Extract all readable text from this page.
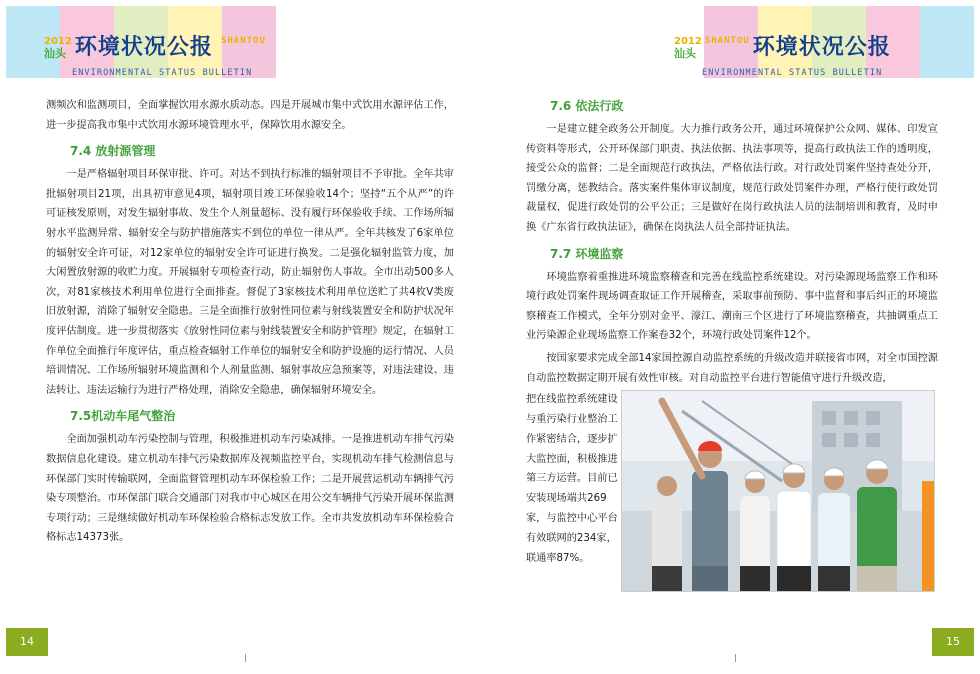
2012
汕头 环境状况公报 SHANTOU
ENVIRONMENTAL STATUS BULLETIN

测频次和监测项目，全面掌握饮用水源水质动态。四是开展城市集中式饮用水源评估工作，进一步提高我市集中式饮用水源环境管理水平，保障饮用水源安全。

7.4 放射源管理

一是严格辐射项目环保审批、许可。对达不到执行标准的辐射项目不予审批。全年共审批辐射项目21项，出具初审意见4项，辐射项目竣工环保验收14个；坚持“五个从严”的许可证核发原则，对发生辐射事故、发生个人剂量超标、没有履行环保验收手续、工作场所辐射水平监测异常、辐射安全与防护措施落实不到位的单位一律从严。全年共核发了6家单位的辐射安全许可证，对12家单位的辐射安全许可证进行换发。二是强化辐射监管力度，加大闲置放射源的收贮力度。开展辐射专项检查行动，防止辐射伤人事故。全市出动500多人次，对81家核技术利用单位进行全面排查。督促了3家核技术利用单位送贮了共4枚Ⅴ类废旧放射源，消除了辐射安全隐患。三是全面推行放射性同位素与射线装置安全和防护状况年度评估制度。进一步贯彻落实《放射性同位素与射线装置安全和防护管理》规定，在辐射工作单位全面推行年度评估，重点检查辐射工作单位的辐射安全和防护设施的运行情况、人员培训情况、工作场所辐射环境监测和个人剂量监测、辐射事故应急预案等，对违法建设、违法转让、违法运输行为进行严格处理，消除安全隐患，确保辐射环境安全。

7.5机动车尾气整治

全面加强机动车污染控制与管理，积极推进机动车污染减排。一是推进机动车排气污染数据信息化建设。建立机动车排气污染数据库及视频监控平台，实现机动车排气检测信息与环保部门实时传输联网，全面监督管理机动车环保检验工作；二是开展营运机动车辆排气污染专项整治。市环保部门联合交通部门对我市中心城区在用公交车辆排气污染开展环保监测专项行动；三是继续做好机动车环保检验合格标志发放工作。全市共发放机动车环保检验合格标志14373张。

14
2012
汕头
SHANTOU 环境状况公报
ENVIRONMENTAL STATUS BULLETIN
7.6 依法行政

一是建立健全政务公开制度。大力推行政务公开，通过环境保护公众网、媒体、印发宣传资料等形式，公开环保部门职责、执法依据、执法事项等，提高行政执法工作的透明度，接受公众的监督；二是全面规范行政执法，严格依法行政。对行政处罚案件坚持查处分开，罚缴分离，惩教结合。落实案件集体审议制度，规范行政处罚案件办理，严格行使行政处罚裁量权，促进行政处罚的公平公正；三是做好在岗行政执法人员的法制培训和教育，及时申换《广东省行政执法证》，确保在岗执法人员全部持证执法。

7.7 环境监察

环境监察着重推进环境监察稽查和完善在线监控系统建设。对污染源现场监察工作和环境行政处罚案件现场调查取证工作开展稽查，采取事前预防、事中监督和事后纠正的环境监察稽查工作模式，全年分别对金平、濠江、潮南三个区进行了环境监察稽查，共抽调重点工业污染源企业现场监察工作案卷32个，环境行政处罚案件12个。

按国家要求完成全部14家国控源自动监控系统的升级改造并联接省市网，对全市国控源自动监控数据定期开展有效性审核。对自动监控平台进行智能值守进行升级改造，

把在线监控系统建设与重污染行业整治工作紧密结合，逐步扩大监控面，积极推进第三方运营。目前已安装现场端共269家，与监控中心平台有效联网的234家，联通率87%。

15
